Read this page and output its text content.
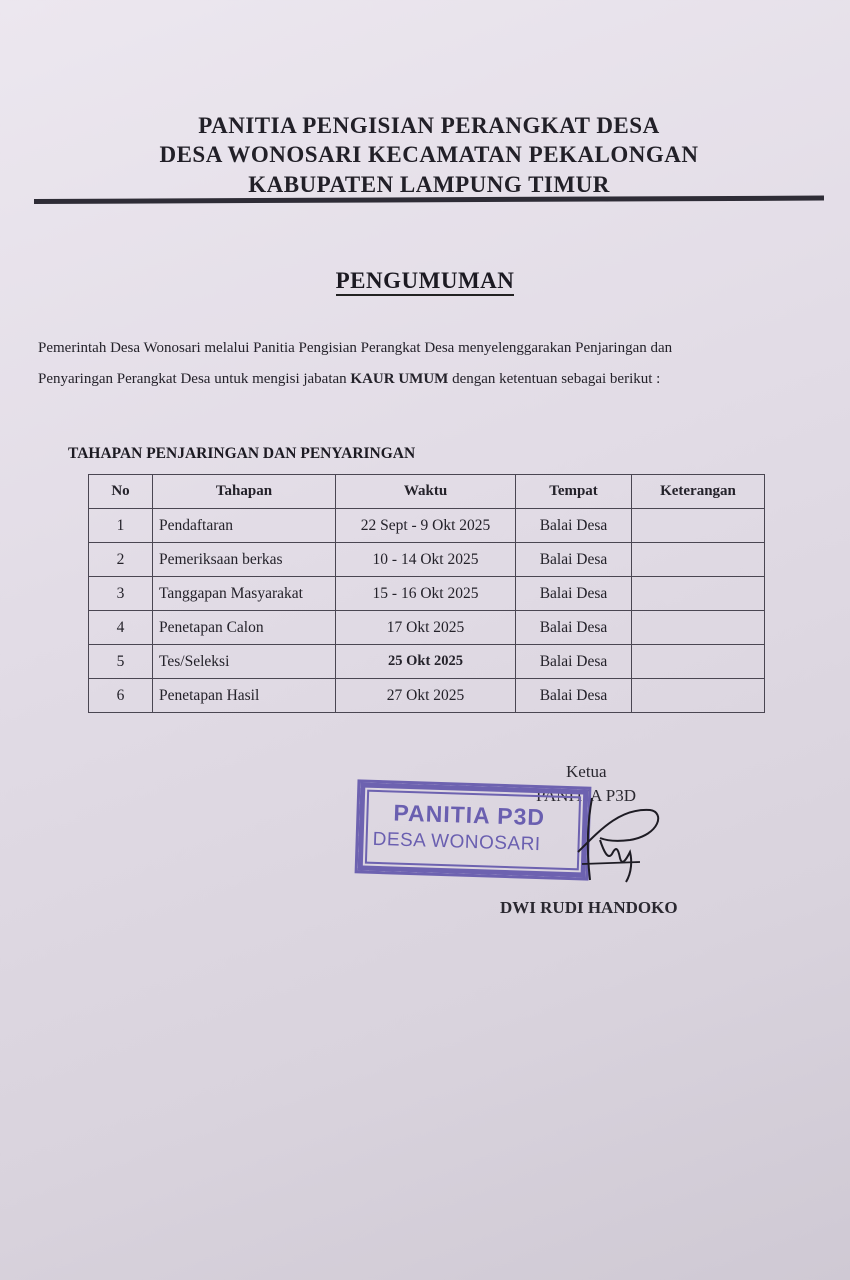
PANITIA PENGISIAN PERANGKAT DESA
DESA WONOSARI KECAMATAN PEKALONGAN
KABUPATEN LAMPUNG TIMUR
PENGUMUMAN
Pemerintah Desa Wonosari melalui Panitia Pengisian Perangkat Desa menyelenggarakan Penjaringan dan
Penyaringan Perangkat Desa untuk mengisi jabatan KAUR UMUM dengan ketentuan sebagai berikut :
TAHAPAN PENJARINGAN DAN PENYARINGAN
No	Tahapan	Waktu	Tempat	Keterangan
1	Pendaftaran	22 Sept - 9 Okt 2025	Balai Desa	
2	Pemeriksaan berkas	10 - 14 Okt 2025	Balai Desa	
3	Tanggapan Masyarakat	15 - 16 Okt 2025	Balai Desa	
4	Penetapan Calon	17 Okt 2025	Balai Desa	
5	Tes/Seleksi	25 Okt 2025	Balai Desa	
6	Penetapan Hasil	27 Okt 2025	Balai Desa	
Ketua
PANITIA P3D
PANITIA P3D
DESA WONOSARI
DWI RUDI HANDOKO
